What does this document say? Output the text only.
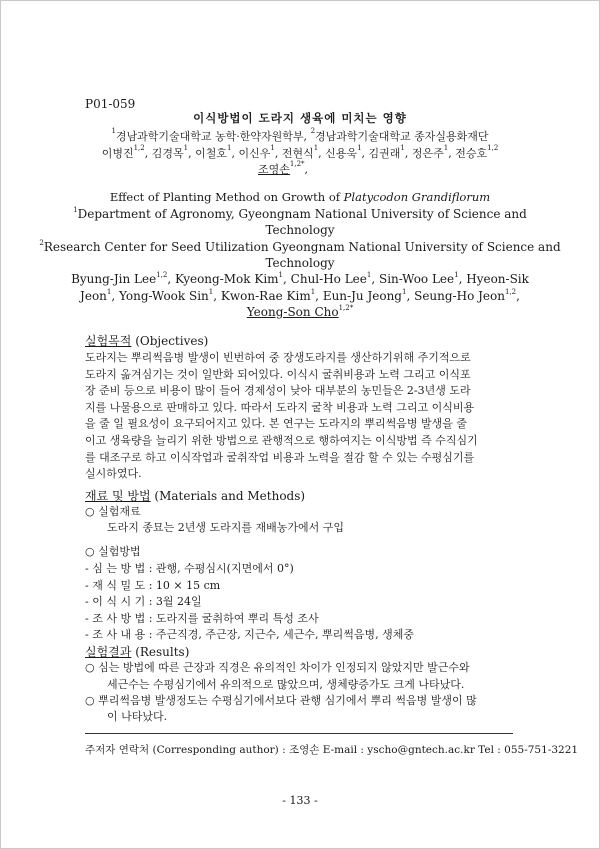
P01-059
이식방법이 도라지 생육에 미치는 영향
$^1$경남과학기술대학교 농학·한약자원학부, $^2$경남과학기술대학교 종자실용화재단
이병진$^{1,2}$, 김경목$^1$, 이철호$^1$, 이신우$^1$, 전현식$^1$, 신용욱$^1$, 김권래$^1$, 정은주$^1$, 전승호$^{1,2}$
조영손$^{1,2*}$,
Effect of Planting Method on Growth of Platycodon Grandiflorum
$^1$Department of Agronomy, Gyeongnam National University of Science and
Technology
$^2$Research Center for Seed Utilization Gyeongnam National University of Science and
Technology
Byung-Jin Lee$^{1,2}$, Kyeong-Mok Kim$^1$, Chul-Ho Lee$^1$, Sin-Woo Lee$^1$, Hyeon-Sik
Jeon$^1$, Yong-Wook Sin$^1$, Kwon-Rae Kim$^1$, Eun-Ju Jeong$^1$, Seung-Ho Jeon$^{1,2}$,
Yeong-Son Cho$^{1,2*}$
실험목적 (Objectives)
도라지는 뿌리썩음병 발생이 빈번하여 중 장생도라지를 생산하기위해 주기적으로
도라지 옮겨심기는 것이 일반화 되어있다. 이식시 굴취비용과 노력 그리고 이식포
장 준비 등으로 비용이 많이 들어 경제성이 낮아 대부분의 농민들은 2-3년생 도라
지를 나물용으로 판매하고 있다. 따라서 도라지 굴착 비용과 노력 그리고 이식비용
을 줄 일 필요성이 요구되어지고 있다. 본 연구는 도라지의 뿌리썩음병 발생을 줄
이고 생육량을 늘리기 위한 방법으로 관행적으로 행하여지는 이식방법 즉 수직심기
를 대조구로 하고 이식작업과 굴취작업 비용과 노력을 절감 할 수 있는 수평심기를
실시하였다.
재료 및 방법 (Materials and Methods)
○ 실험재료
도라지 종묘는 2년생 도라지를 재배농가에서 구입
○ 실험방법
- 심 는 방 법 : 관행, 수평심시(지면에서 0°)
- 재 식 밀 도 : 10 × 15 cm
- 이 식 시 기 : 3월 24일
- 조 사 방 법 : 도라지를 굴취하여 뿌리 특성 조사
- 조 사 내 용 : 주근직경, 주근장, 지근수, 세근수, 뿌리썩음병, 생체중
실험결과 (Results)
○ 심는 방법에 따른 근장과 직경은 유의적인 차이가 인정되지 않았지만 발근수와
세근수는 수평심기에서 유의적으로 많았으며, 생체량증가도 크게 나타났다.
○ 뿌리썩음병 발생정도는 수평심기에서보다 관행 심기에서 뿌리 썩음병 발생이 많
이 나타났다.
주저자 연락처 (Corresponding author) : 조영손 E-mail : yscho@gntech.ac.kr Tel : 055-751-3221
- 133 -
